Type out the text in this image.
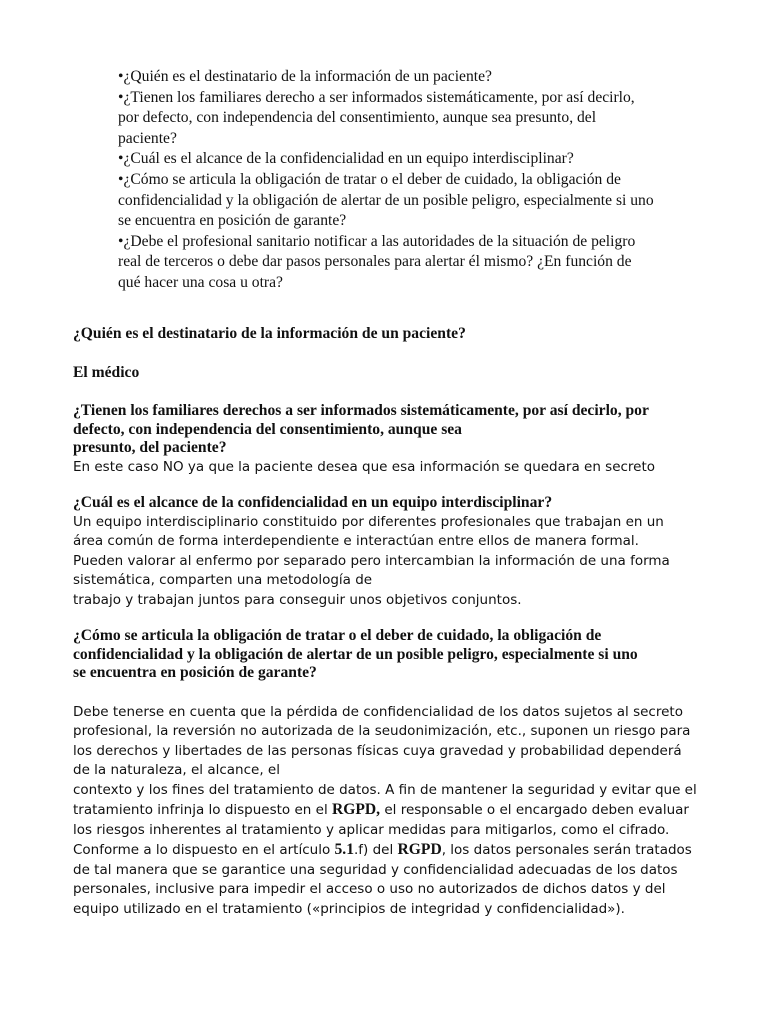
•¿Quién es el destinatario de la información de un paciente?

•¿Tienen los familiares derecho a ser informados sistemáticamente, por así decirlo,
por defecto, con independencia del consentimiento, aunque sea presunto, del
paciente?

•¿Cuál es el alcance de la confidencialidad en un equipo interdisciplinar?

•¿Cómo se articula la obligación de tratar o el deber de cuidado, la obligación de
confidencialidad y la obligación de alertar de un posible peligro, especialmente si uno
se encuentra en posición de garante?

•¿Debe el profesional sanitario notificar a las autoridades de la situación de peligro
real de terceros o debe dar pasos personales para alertar él mismo? ¿En función de
qué hacer una cosa u otra?

¿Quién es el destinatario de la información de un paciente?

El médico

¿Tienen los familiares derechos a ser informados sistemáticamente, por así decirlo, por
defecto, con independencia del consentimiento, aunque sea
presunto, del paciente?

En este caso NO ya que la paciente desea que esa información se quedara en secreto

¿Cuál es el alcance de la confidencialidad en un equipo interdisciplinar?

Un equipo interdisciplinario constituido por diferentes profesionales que trabajan en un
área común de forma interdependiente e interactúan entre ellos de manera formal.
Pueden valorar al enfermo por separado pero intercambian la información de una forma
sistemática, comparten una metodología de
trabajo y trabajan juntos para conseguir unos objetivos conjuntos.

¿Cómo se articula la obligación de tratar o el deber de cuidado, la obligación de
confidencialidad y la obligación de alertar de un posible peligro, especialmente si uno
se encuentra en posición de garante?

Debe tenerse en cuenta que la pérdida de confidencialidad de los datos sujetos al secreto
profesional, la reversión no autorizada de la seudonimización, etc., suponen un riesgo para
los derechos y libertades de las personas físicas cuya gravedad y probabilidad dependerá
de la naturaleza, el alcance, el
contexto y los fines del tratamiento de datos. A fin de mantener la seguridad y evitar que el
tratamiento infrinja lo dispuesto en el RGPD, el responsable o el encargado deben evaluar
los riesgos inherentes al tratamiento y aplicar medidas para mitigarlos, como el cifrado.
Conforme a lo dispuesto en el artículo 5.1.f) del RGPD, los datos personales serán tratados
de tal manera que se garantice una seguridad y confidencialidad adecuadas de los datos
personales, inclusive para impedir el acceso o uso no autorizados de dichos datos y del
equipo utilizado en el tratamiento («principios de integridad y confidencialidad»).
